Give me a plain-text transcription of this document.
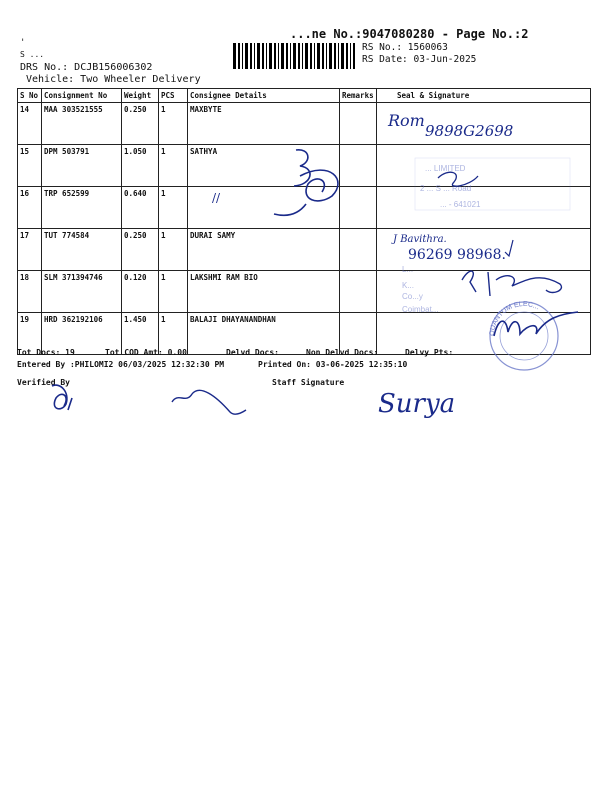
...ne No.:9047080280 - Page No.:2
'
S ...
RS No.: 1560063
RS Date: 03-Jun-2025
DRS No.: DCJB156006302
Vehicle: Two Wheeler Delivery
S No	Consignment No	Weight	PCS	Consignee Details	Remarks	Seal & Signature
14	MAA 303521555	0.250	1	MAXBYTE		
15	DPM 503791	1.050	1	SATHYA		
16	TRP 652599	0.640	1			
17	TUT 774584	0.250	1	DURAI SAMY		
18	SLM 371394746	0.120	1	LAKSHMI RAM BIO		
19	HRD 362192106	1.450	1	BALAJI DHAYANANDHAN		
Tot Docs: 19	Tot COD Amt: 0.00	Delvd Docs:	Non Delvd Docs:	Delvy Pts:
Entered By :PHILOMI2 06/03/2025 12:32:30 PM	Printed On: 03-06-2025 12:35:10
Verified By	Staff Signature
Rom
9898G2698
//
... LIMITED
2 ... S ... Road
... - 641021
J Bavithra.
96269 98968.
L...
K...
Co...y
Coimbat...
QUANTUM ELEC...
Surya
